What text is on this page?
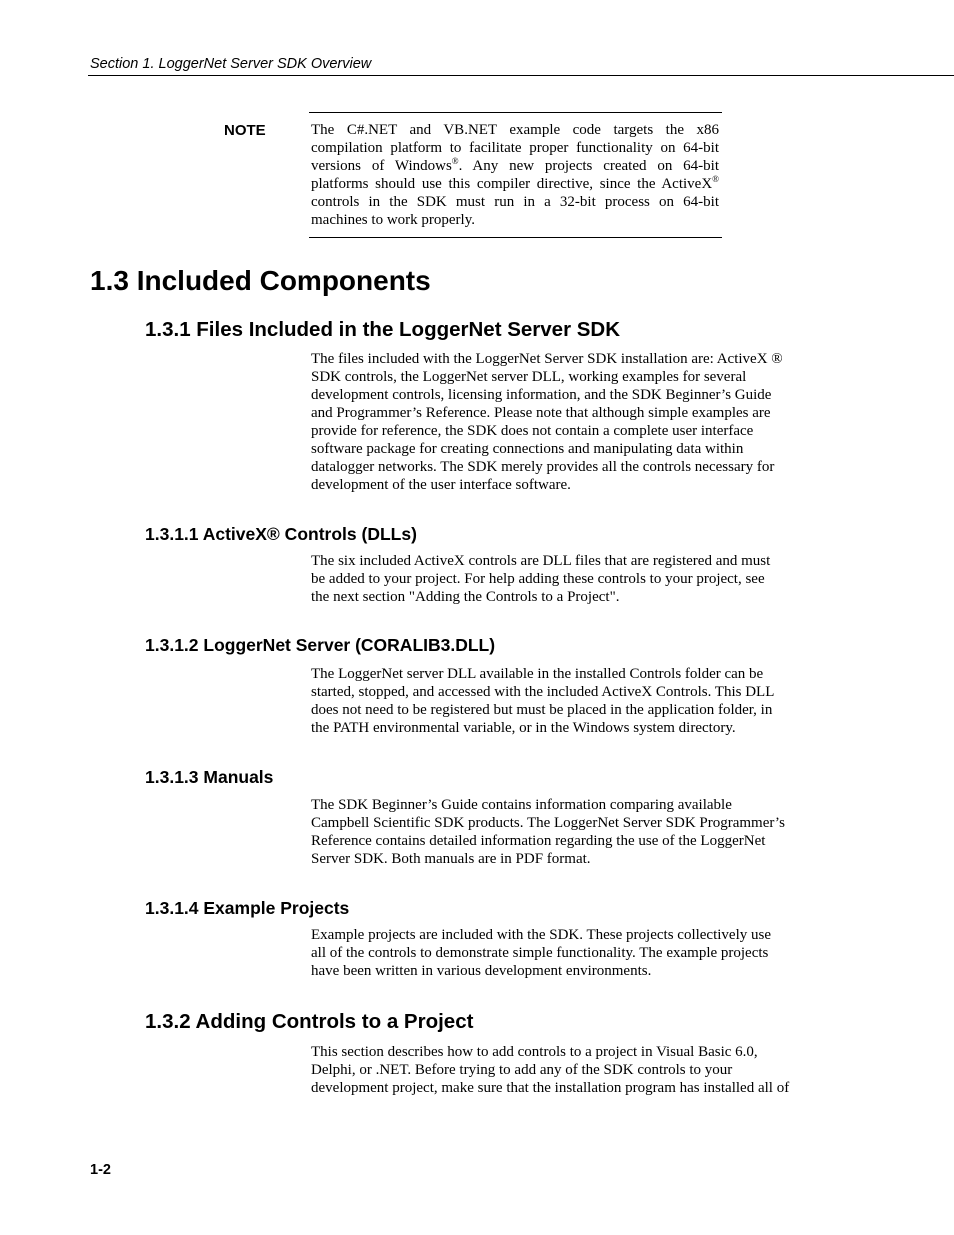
Section 1. LoggerNet Server SDK Overview
NOTE	The C#.NET and VB.NET example code targets the x86 compilation platform to facilitate proper functionality on 64-bit versions of Windows®. Any new projects created on 64-bit platforms should use this compiler directive, since the ActiveX® controls in the SDK must run in a 32-bit process on 64-bit machines to work properly.
1.3 Included Components
1.3.1 Files Included in the LoggerNet Server SDK

The files included with the LoggerNet Server SDK installation are: ActiveX ®

SDK controls, the LoggerNet server DLL, working examples for several

development controls, licensing information, and the SDK Beginner’s Guide

and Programmer’s Reference. Please note that although simple examples are

provide for reference, the SDK does not contain a complete user interface

software package for creating connections and manipulating data within

datalogger networks. The SDK merely provides all the controls necessary for

development of the user interface software.

1.3.1.1 ActiveX® Controls (DLLs)

The six included ActiveX controls are DLL files that are registered and must

be added to your project. For help adding these controls to your project, see

the next section "Adding the Controls to a Project".

1.3.1.2 LoggerNet Server (CORALIB3.DLL)

The LoggerNet server DLL available in the installed Controls folder can be

started, stopped, and accessed with the included ActiveX Controls. This DLL

does not need to be registered but must be placed in the application folder, in

the PATH environmental variable, or in the Windows system directory.

1.3.1.3 Manuals

The SDK Beginner’s Guide contains information comparing available

Campbell Scientific SDK products. The LoggerNet Server SDK Programmer’s

Reference contains detailed information regarding the use of the LoggerNet

Server SDK. Both manuals are in PDF format.

1.3.1.4 Example Projects

Example projects are included with the SDK. These projects collectively use

all of the controls to demonstrate simple functionality. The example projects

have been written in various development environments.

1.3.2 Adding Controls to a Project

This section describes how to add controls to a project in Visual Basic 6.0,

Delphi, or .NET. Before trying to add any of the SDK controls to your

development project, make sure that the installation program has installed all of

1-2
